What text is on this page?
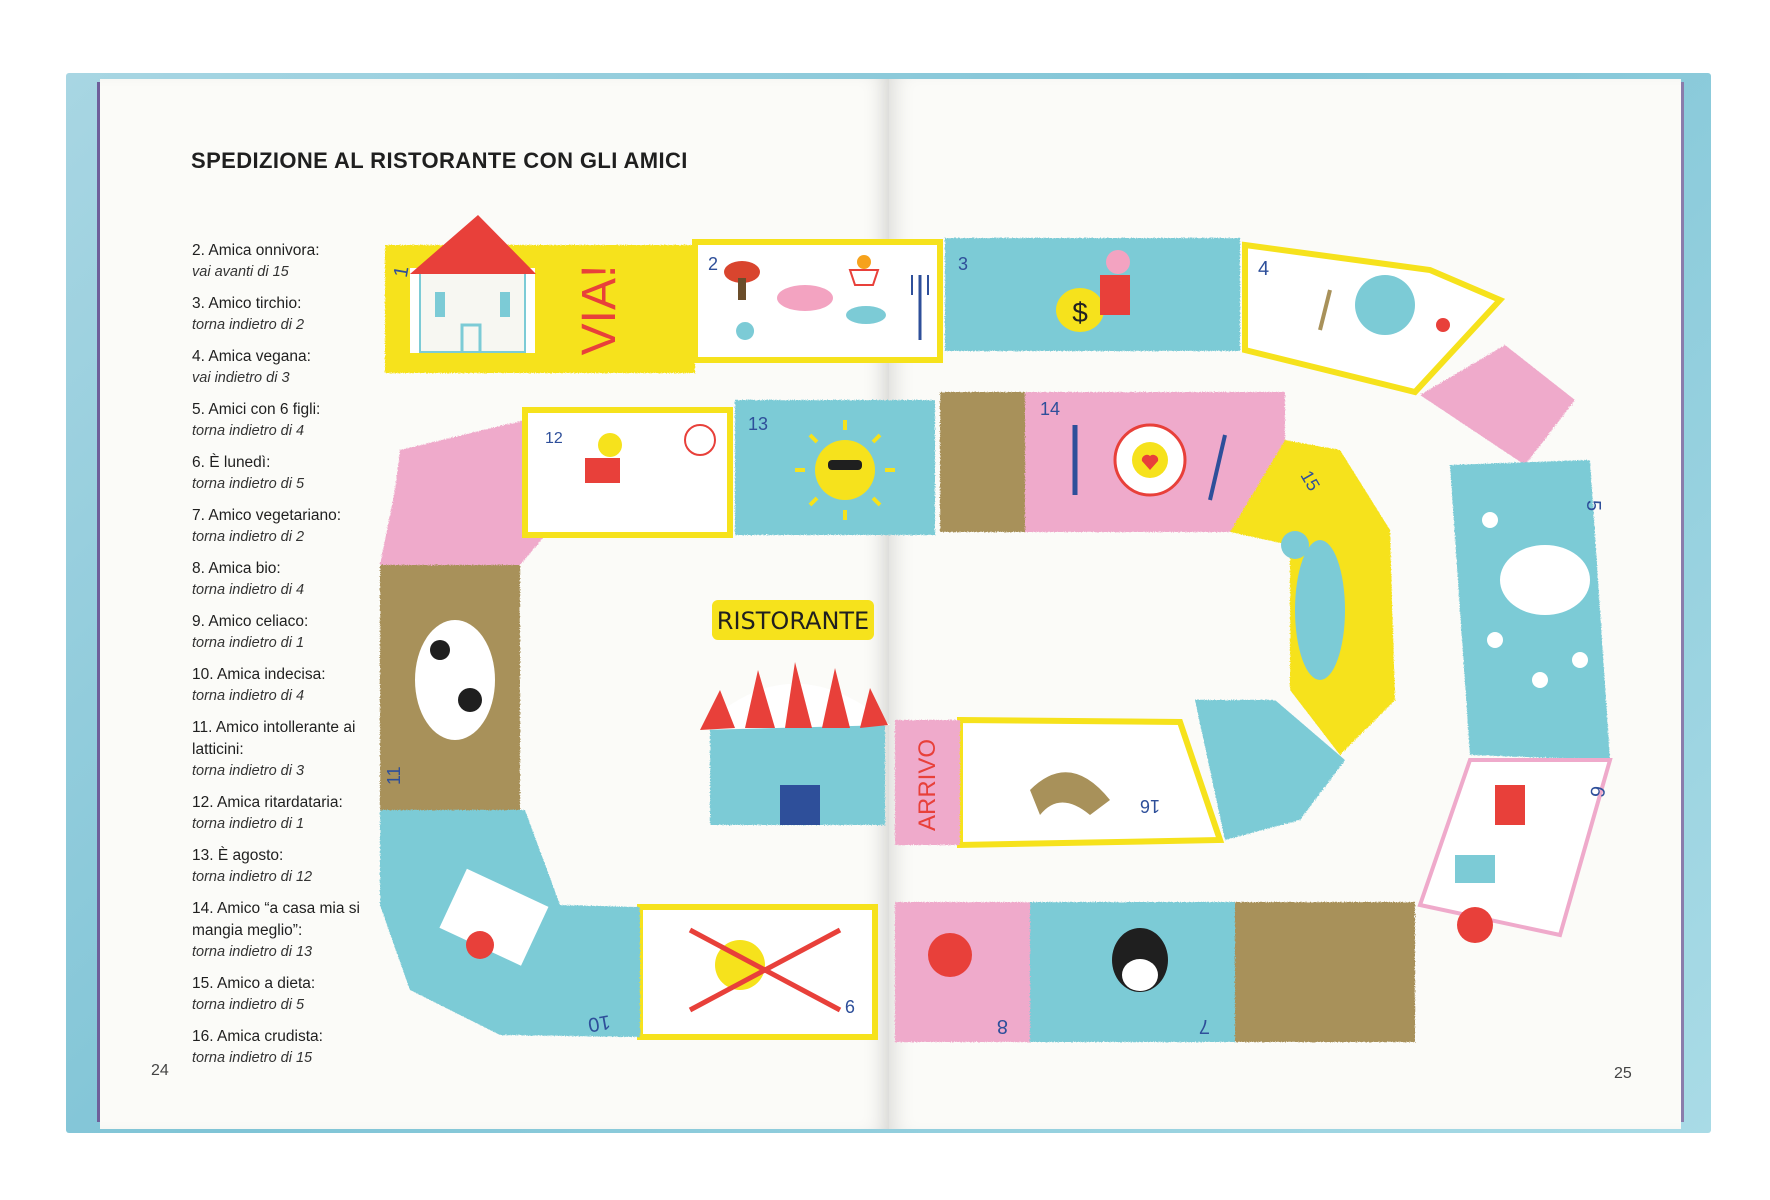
SPEDIZIONE AL RISTORANTE CON GLI AMICI
2. Amica onnivora:
vai avanti di 15
3. Amico tirchio:
torna indietro di 2
4. Amica vegana:
vai indietro di 3
5. Amici con 6 figli:
torna indietro di 4
6. È lunedì:
torna indietro di 5
7. Amico vegetariano:
torna indietro di 2
8. Amica bio:
torna indietro di 4
9. Amico celiaco:
torna indietro di 1
10. Amica indecisa:
torna indietro di 4
11. Amico intollerante ai latticini:
torna indietro di 3
12. Amica ritardataria:
torna indietro di 1
13. È agosto:
torna indietro di 12
14. Amico “a casa mia si mangia meglio”:
torna indietro di 13
15. Amico a dieta:
torna indietro di 5
16. Amica crudista:
torna indietro di 15
24	25
1	VIA!
2	3
$
4
5
6
7
8
9
10
11
12
13
14
15
16
ARRIVO
RISTORANTE
